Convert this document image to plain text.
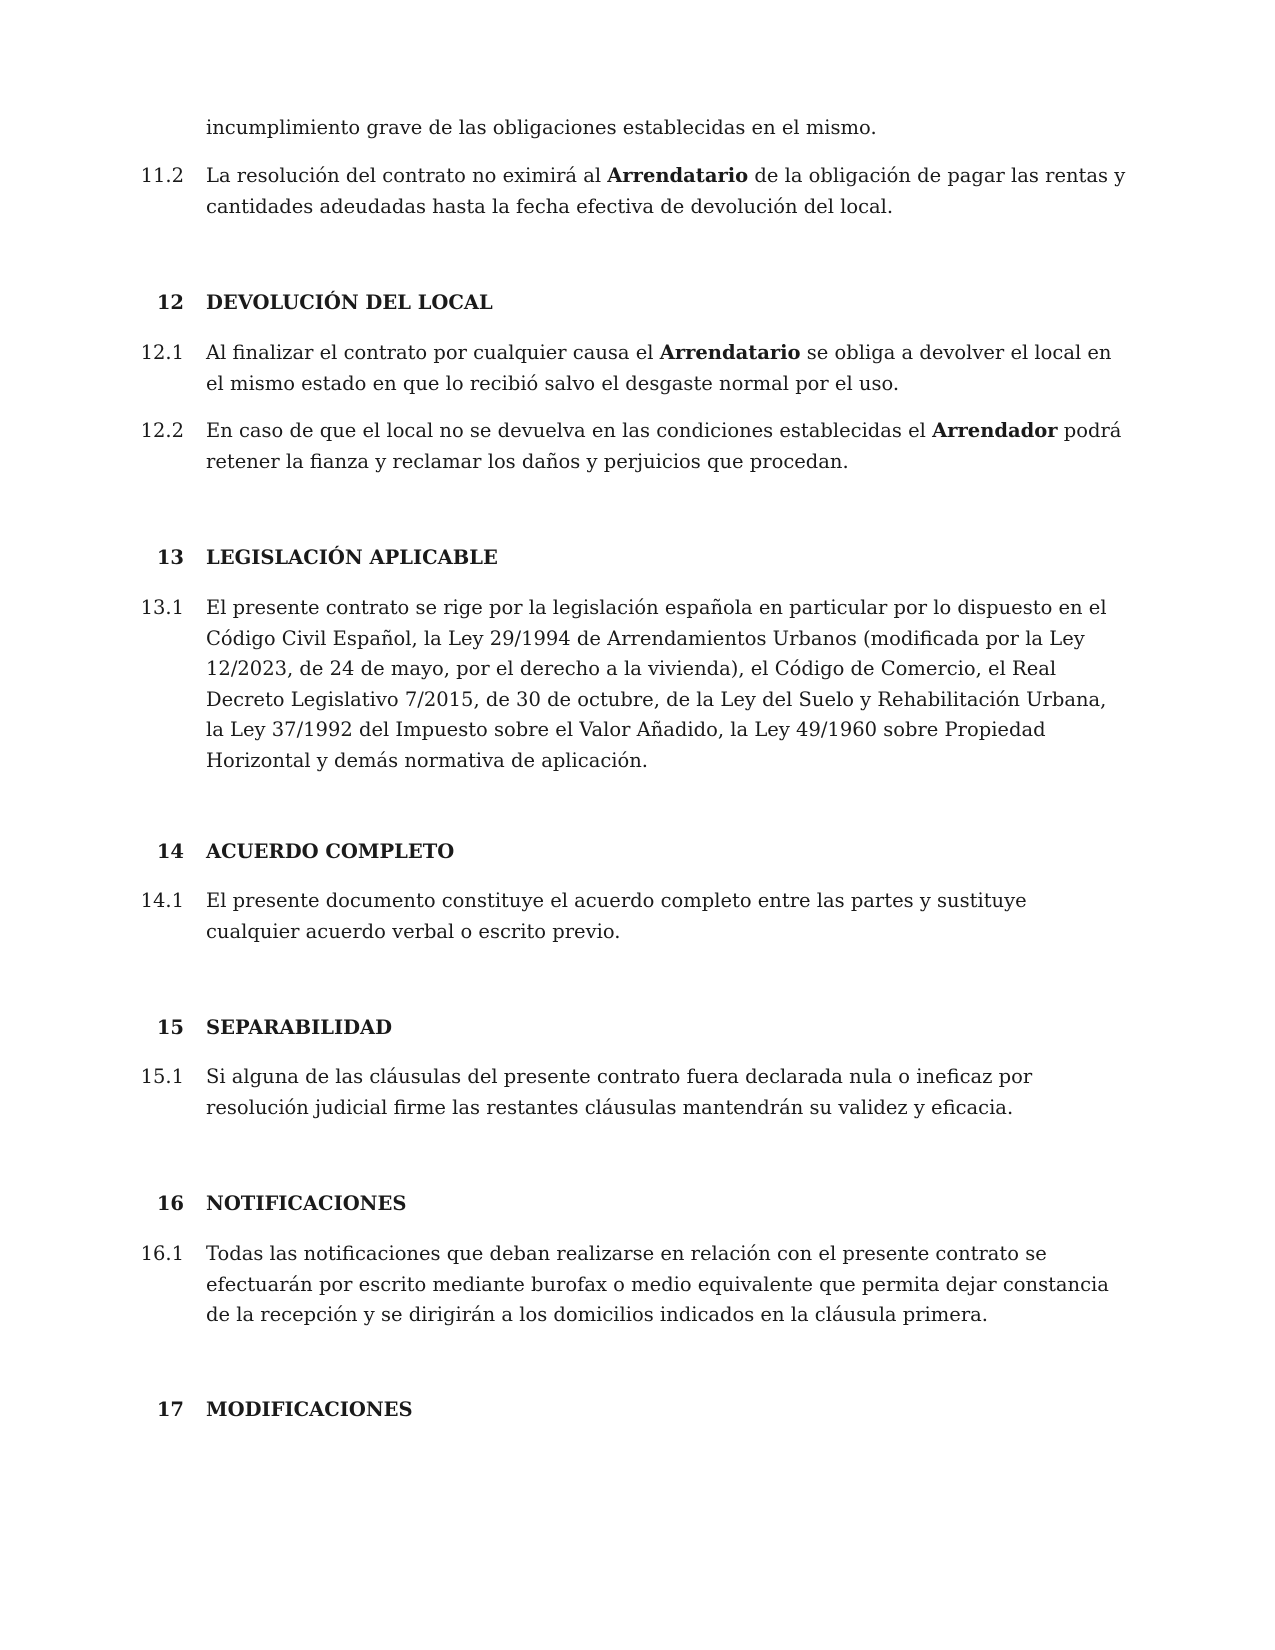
incumplimiento grave de las obligaciones establecidas en el mismo.

11.2 La resolución del contrato no eximirá al Arrendatario de la obligación de pagar las rentas y cantidades adeudadas hasta la fecha efectiva de devolución del local.

12 DEVOLUCIÓN DEL LOCAL
12.1 Al finalizar el contrato por cualquier causa el Arrendatario se obliga a devolver el local en el mismo estado en que lo recibió salvo el desgaste normal por el uso.

12.2 En caso de que el local no se devuelva en las condiciones establecidas el Arrendador podrá retener la fianza y reclamar los daños y perjuicios que procedan.

13 LEGISLACIÓN APLICABLE
13.1 El presente contrato se rige por la legislación española en particular por lo dispuesto en el Código Civil Español, la Ley 29/1994 de Arrendamientos Urbanos (modificada por la Ley 12/2023, de 24 de mayo, por el derecho a la vivienda), el Código de Comercio, el Real Decreto Legislativo 7/2015, de 30 de octubre, de la Ley del Suelo y Rehabilitación Urbana, la Ley 37/1992 del Impuesto sobre el Valor Añadido, la Ley 49/1960 sobre Propiedad Horizontal y demás normativa de aplicación.

14 ACUERDO COMPLETO
14.1 El presente documento constituye el acuerdo completo entre las partes y sustituye cualquier acuerdo verbal o escrito previo.

15 SEPARABILIDAD
15.1 Si alguna de las cláusulas del presente contrato fuera declarada nula o ineficaz por resolución judicial firme las restantes cláusulas mantendrán su validez y eficacia.

16 NOTIFICACIONES
16.1 Todas las notificaciones que deban realizarse en relación con el presente contrato se efectuarán por escrito mediante burofax o medio equivalente que permita dejar constancia de la recepción y se dirigirán a los domicilios indicados en la cláusula primera.

17 MODIFICACIONES
